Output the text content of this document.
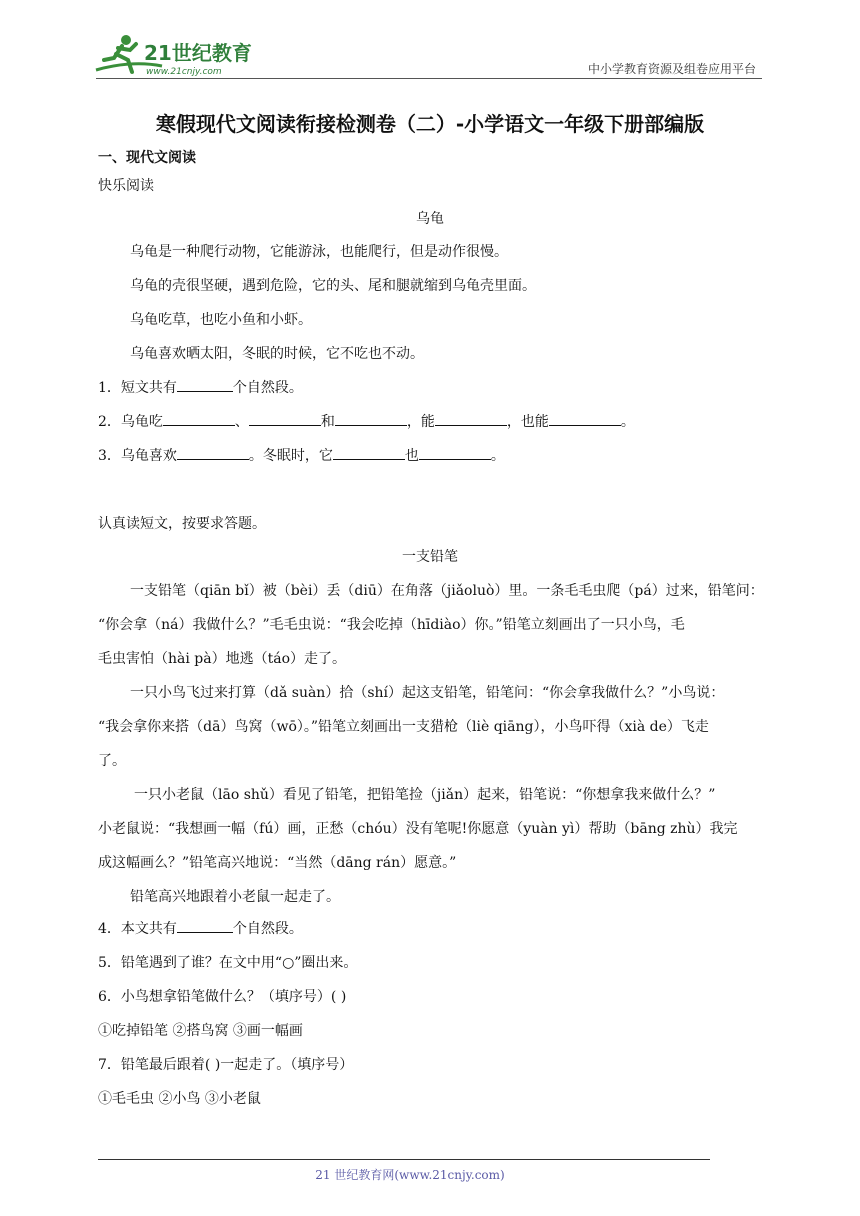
21世纪教育
www.21cnjy.com	中小学教育资源及组卷应用平台
寒假现代文阅读衔接检测卷（二）-小学语文一年级下册部编版
一、现代文阅读
快乐阅读
乌龟
乌龟是一种爬行动物，它能游泳，也能爬行，但是动作很慢。
乌龟的壳很坚硬，遇到危险，它的头、尾和腿就缩到乌龟壳里面。
乌龟吃草，也吃小鱼和小虾。
乌龟喜欢晒太阳，冬眠的时候，它不吃也不动。
1．短文共有	个自然段。
2．乌龟吃	、	和	，能	，也能	。
3．乌龟喜欢	。冬眠时，它	也	。
认真读短文，按要求答题。
一支铅笔
一支铅笔（qiān bǐ）被（bèi）丢（diū）在角落（jiǎoluò）里。一条毛毛虫爬（pá）过来，铅笔问：
“你会拿（ná）我做什么？”毛毛虫说：“我会吃掉（hīdiào）你。”铅笔立刻画出了一只小鸟，毛
毛虫害怕（hài pà）地逃（táo）走了。
一只小鸟飞过来打算（dǎ suàn）拾（shí）起这支铅笔，铅笔问：“你会拿我做什么？”小鸟说：
“我会拿你来搭（dā）鸟窝（wō）。”铅笔立刻画出一支猎枪（liè qiāng），小鸟吓得（xià de）飞走
了。
一只小老鼠（lāo shǔ）看见了铅笔，把铅笔捡（jiǎn）起来，铅笔说：“你想拿我来做什么？”
小老鼠说：“我想画一幅（fú）画，正愁（chóu）没有笔呢!你愿意（yuàn yì）帮助（bāng zhù）我完
成这幅画么？”铅笔高兴地说：“当然（dāng rán）愿意。”
铅笔高兴地跟着小老鼠一起走了。
4．本文共有	个自然段。
5．铅笔遇到了谁？在文中用“○”圈出来。
6．小鸟想拿铅笔做什么？（填序号）( )
①吃掉铅笔 ②搭鸟窝 ③画一幅画
7．铅笔最后跟着( )一起走了。（填序号）
①毛毛虫 ②小鸟 ③小老鼠
21 世纪教育网(www.21cnjy.com)
